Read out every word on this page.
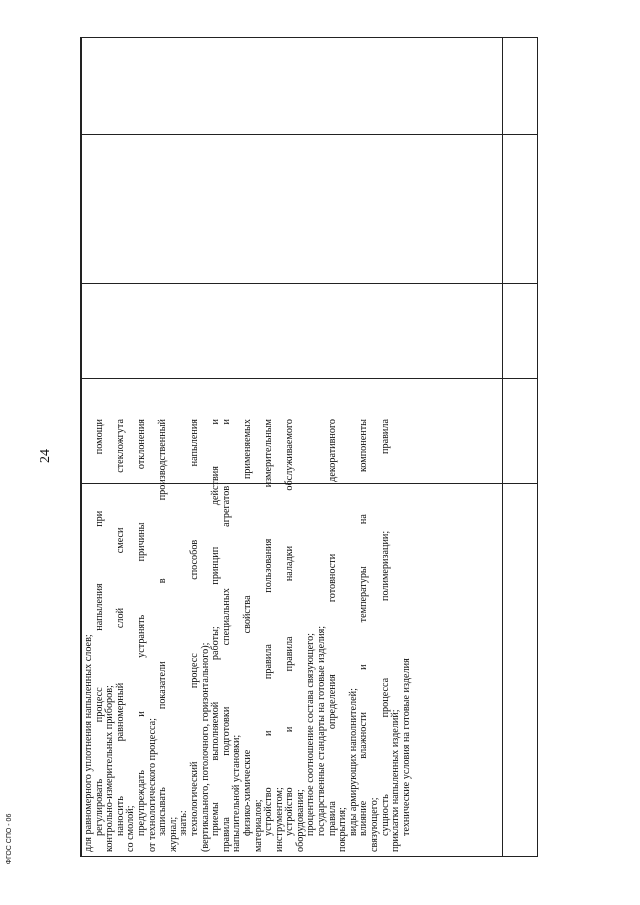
24
для равномерного уплотнения напыленных слоев; регулировать процесс напыления при помощи контрольно-измерительных приборов; наносить равномерный слой смеси стекложгута со смолой; предупреждать и устранять причины отклонения от технологического процесса; записывать показатели в производственный журнал; знать: технологический процесс способов напыления (вертикального, потолочного, горизонтального); приемы выполняемой работы; принцип действия и правила подготовки специальных агрегатов и напылительной установки; физико-химические свойства применяемых материалов; устройство и правила пользования измерительным инструментом; устройство и правила наладки обслуживаемого оборудования; процентное соотношение состава связующего; государственные стандарты на готовые изделия; правила определения готовности декоративного покрытия; виды армирующих наполнителей; влияние влажности и температуры на компоненты связующего; сущность процесса полимеризации; правила приклатки напыленных изделий; технические условия на готовые изделия
ФГОС СПО - 06
